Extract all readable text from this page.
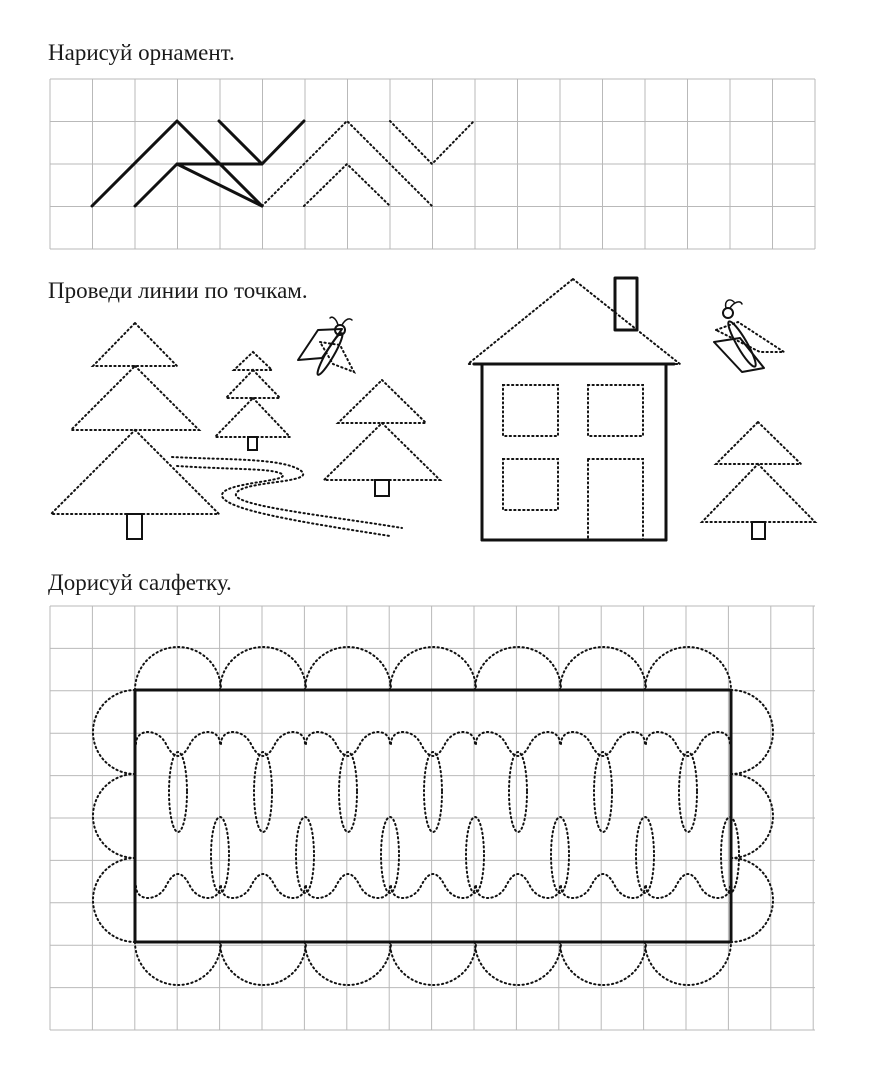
Нарисуй орнамент.

Проведи линии по точкам.

Дорисуй салфетку.
